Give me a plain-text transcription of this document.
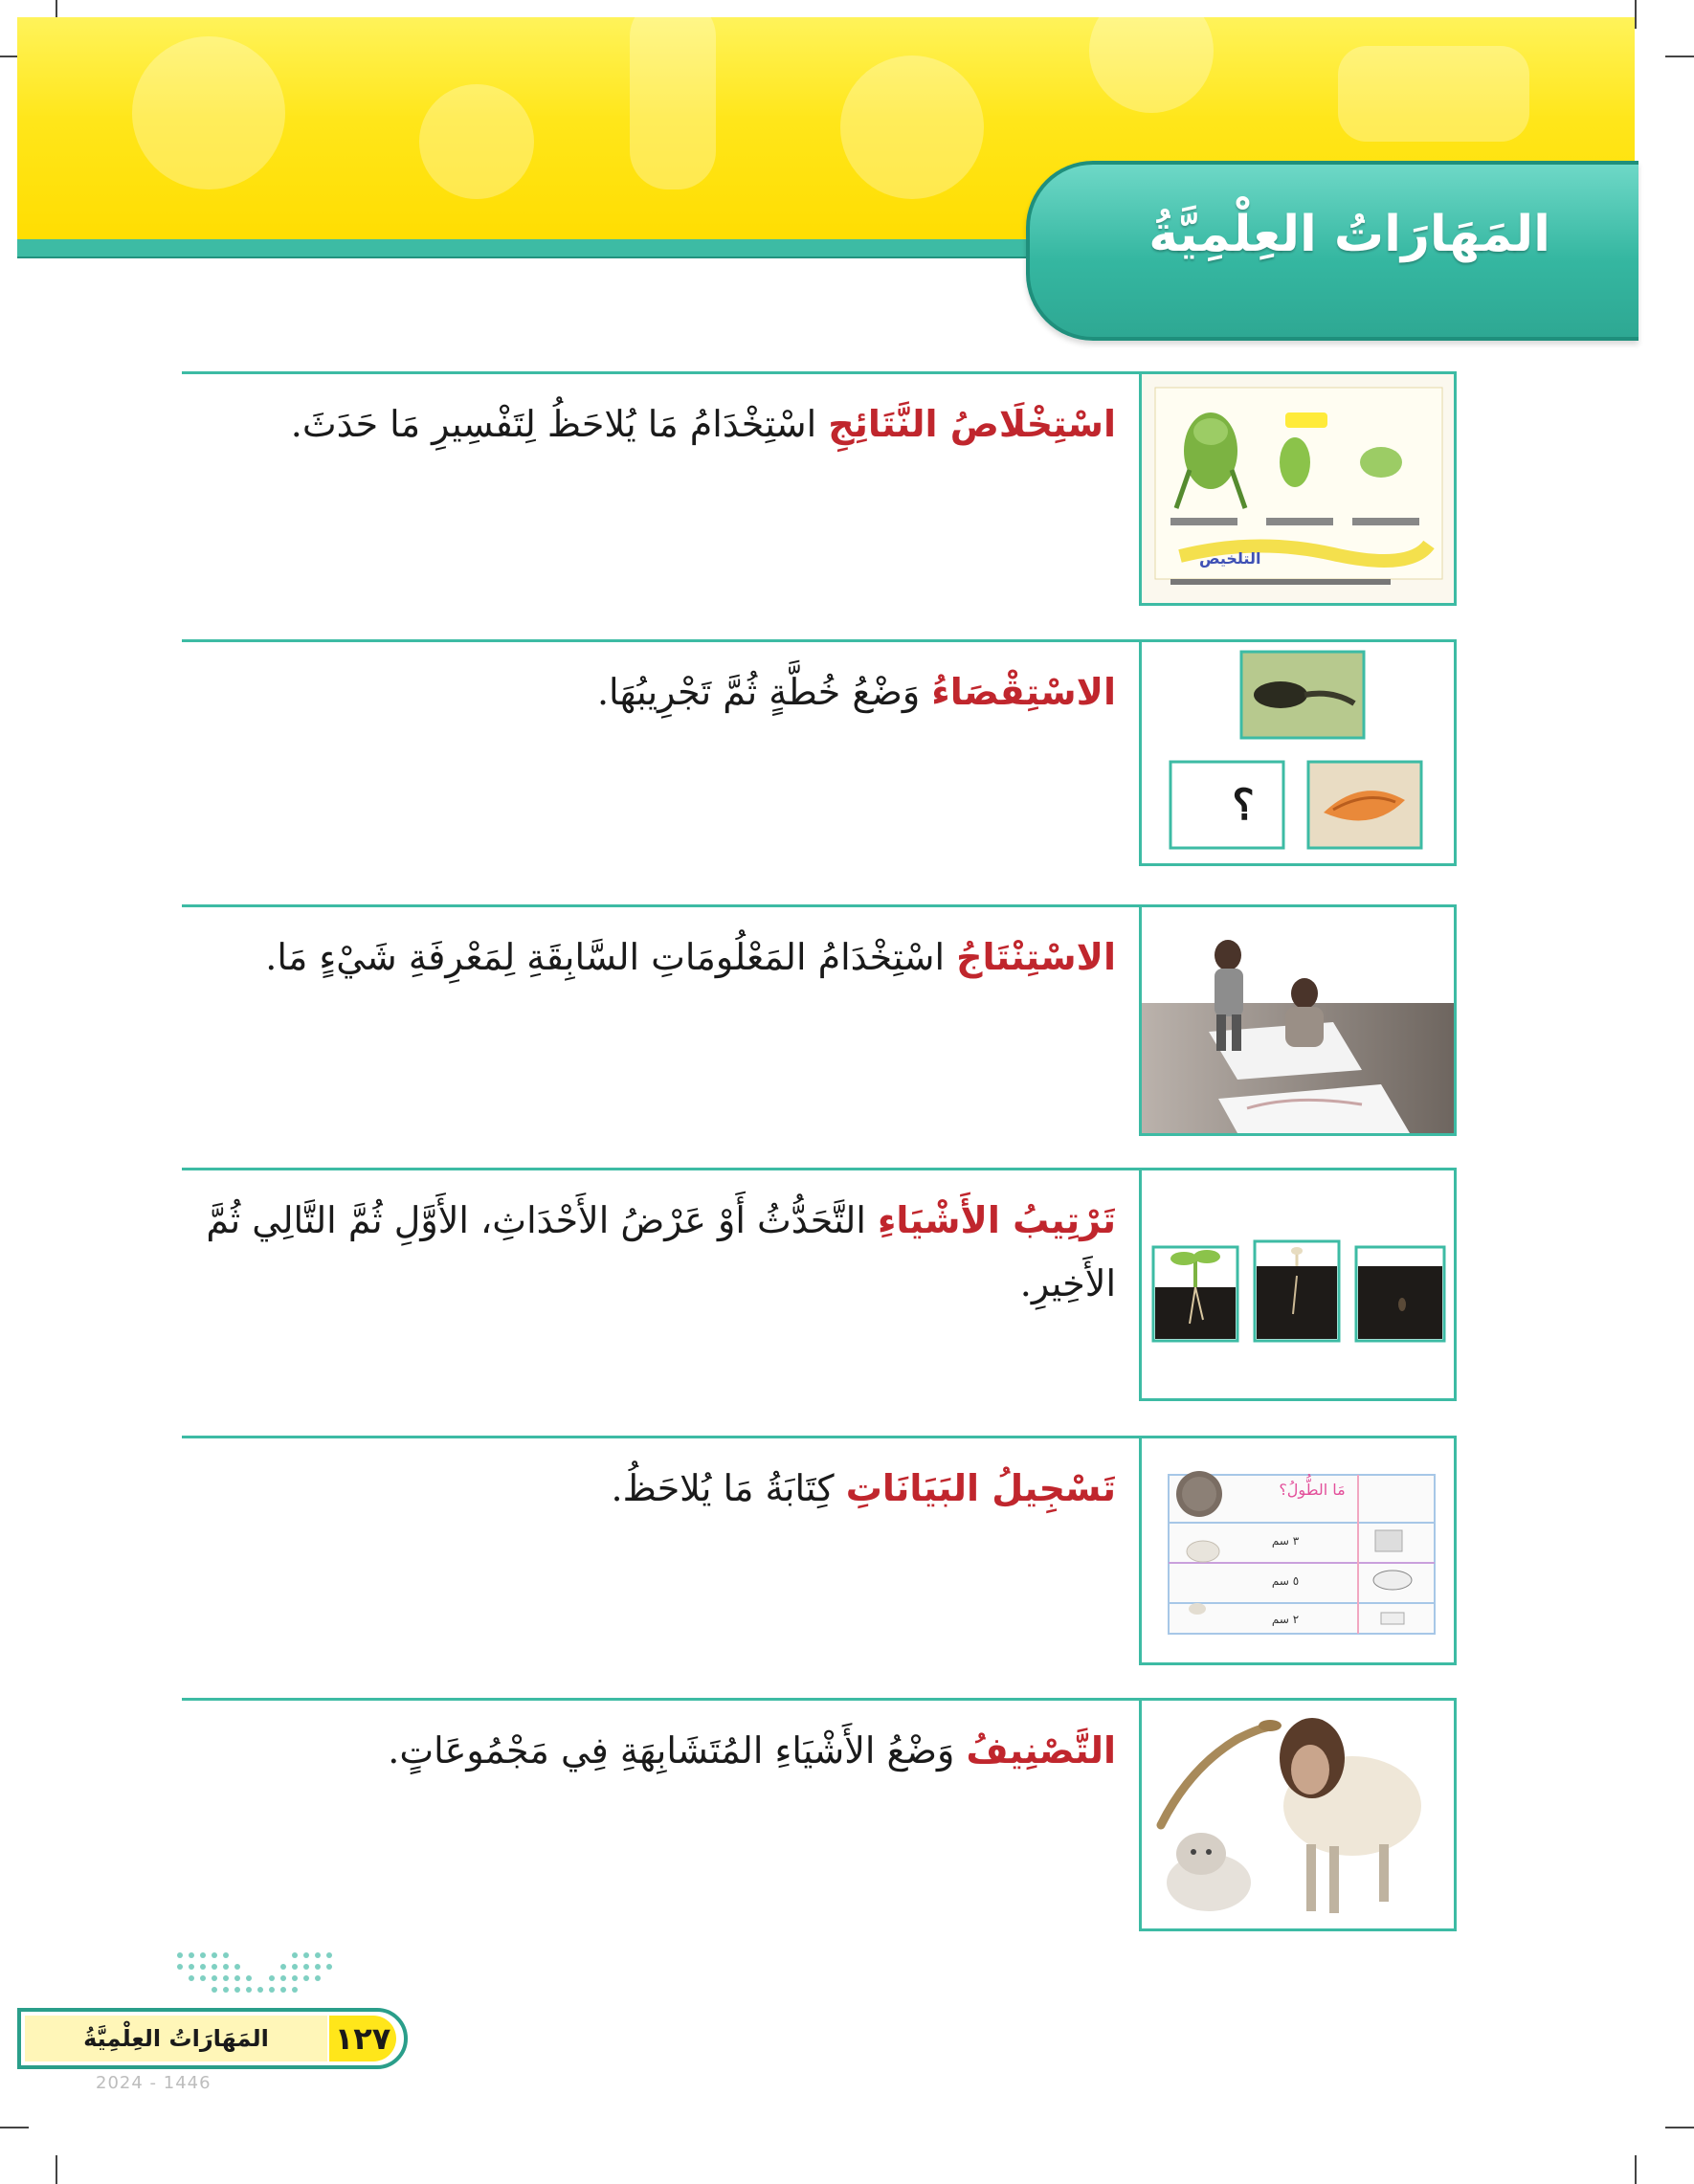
المَهَارَاتُ العِلْمِيَّةُ
التلخيص
اسْتِخْلَاصُ النَّتَائِجِ اسْتِخْدَامُ مَا يُلاحَظُ لِتَفْسِيرِ مَا حَدَثَ.
؟
الاسْتِقْصَاءُ وَضْعُ خُطَّةٍ ثُمَّ تَجْرِيبُهَا.
الاسْتِنْتَاجُ اسْتِخْدَامُ المَعْلُومَاتِ السَّابِقَةِ لِمَعْرِفَةِ شَيْءٍ مَا.
تَرْتِيبُ الأَشْيَاءِ التَّحَدُّثُ أَوْ عَرْضُ الأَحْدَاثِ، الأَوَّلِ ثُمَّ التَّالِي ثُمَّ الأَخِيرِ.
مَا الطُّولُ؟
٣ سم
٥ سم
٢ سم
تَسْجِيلُ البَيَانَاتِ كِتَابَةُ مَا يُلاحَظُ.
التَّصْنِيفُ وَضْعُ الأَشْيَاءِ المُتَشَابِهَةِ فِي مَجْمُوعَاتٍ.
المَهَارَاتُ العِلْمِيَّةُ	١٢٧
2024 - 1446
